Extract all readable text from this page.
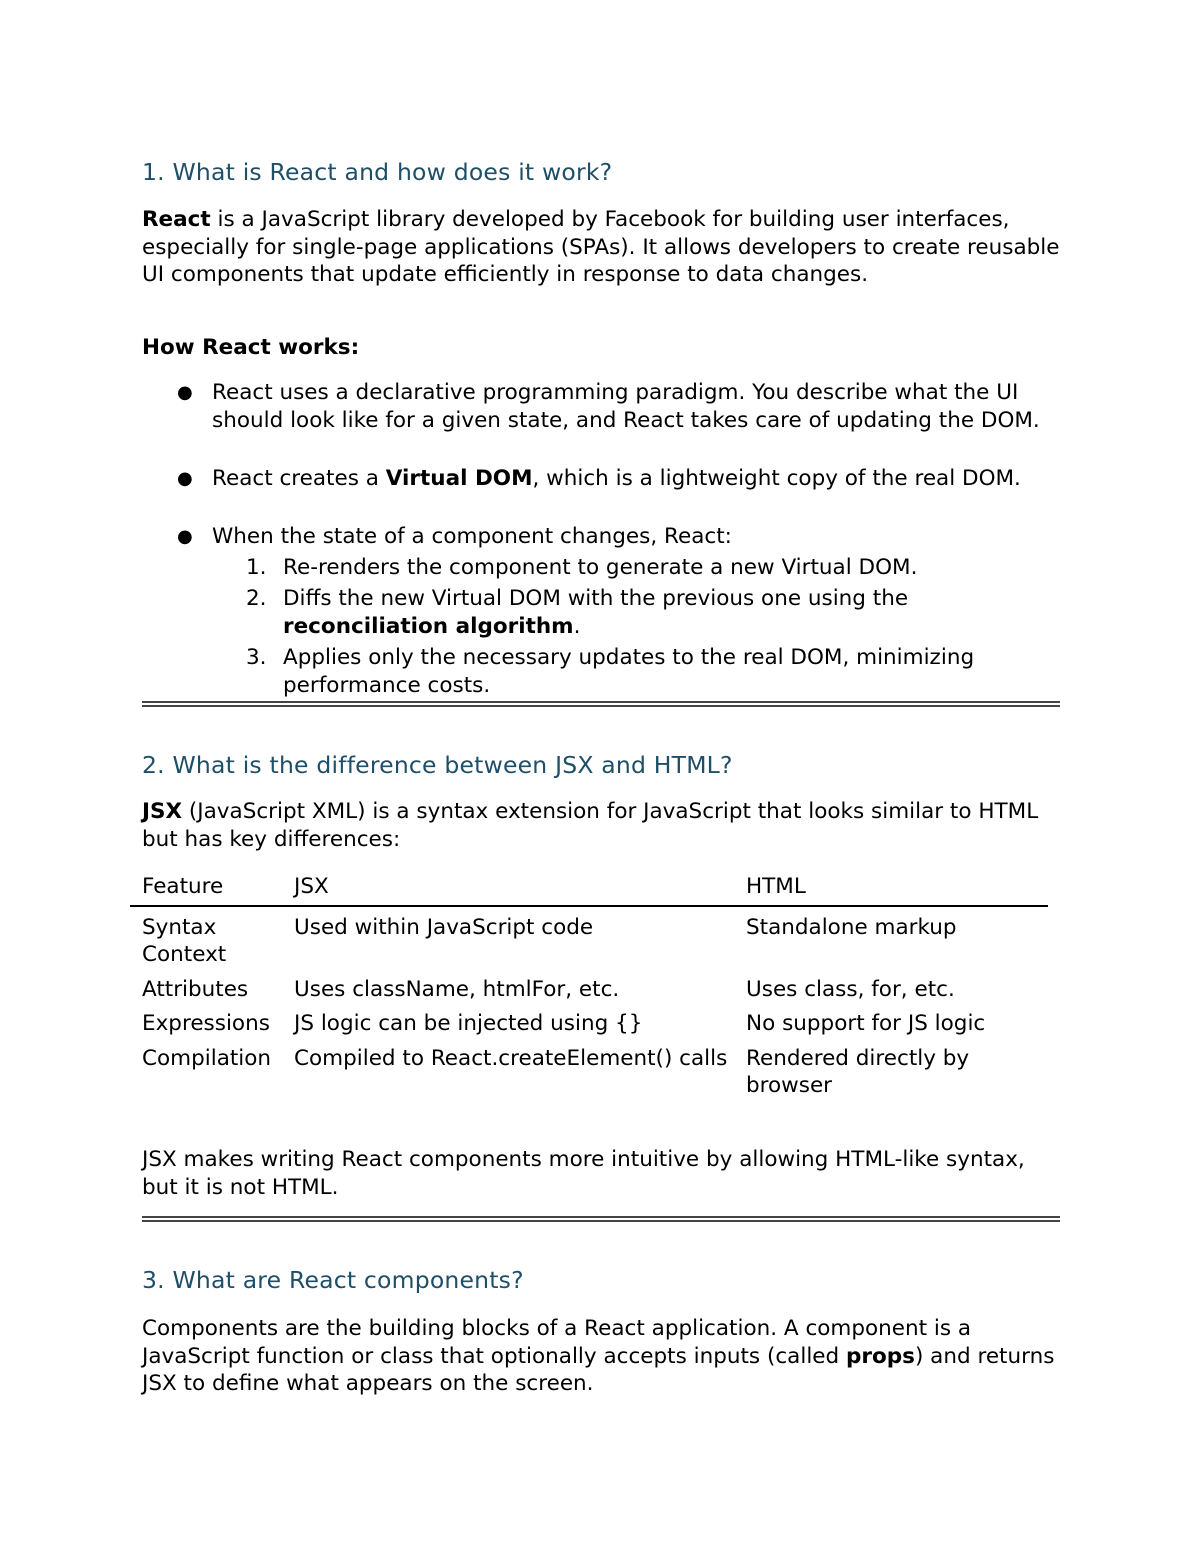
1. What is React and how does it work?

React is a JavaScript library developed by Facebook for building user interfaces, especially for single-page applications (SPAs). It allows developers to create reusable UI components that update efficiently in response to data changes.

How React works:

● React uses a declarative programming paradigm. You describe what the UI should look like for a given state, and React takes care of updating the DOM.
● React creates a Virtual DOM, which is a lightweight copy of the real DOM.
● When the state of a component changes, React:
1. Re-renders the component to generate a new Virtual DOM.
2. Diffs the new Virtual DOM with the previous one using the reconciliation algorithm.
3. Applies only the necessary updates to the real DOM, minimizing performance costs.
2. What is the difference between JSX and HTML?

JSX (JavaScript XML) is a syntax extension for JavaScript that looks similar to HTML but has key differences:

Feature	JSX	HTML
Syntax Context	Used within JavaScript code	Standalone markup
Attributes	Uses className, htmlFor, etc.	Uses class, for, etc.
Expressions	JS logic can be injected using {}	No support for JS logic
Compilation	Compiled to React.createElement() calls	Rendered directly by browser

JSX makes writing React components more intuitive by allowing HTML-like syntax, but it is not HTML.

3. What are React components?

Components are the building blocks of a React application. A component is a JavaScript function or class that optionally accepts inputs (called props) and returns JSX to define what appears on the screen.
